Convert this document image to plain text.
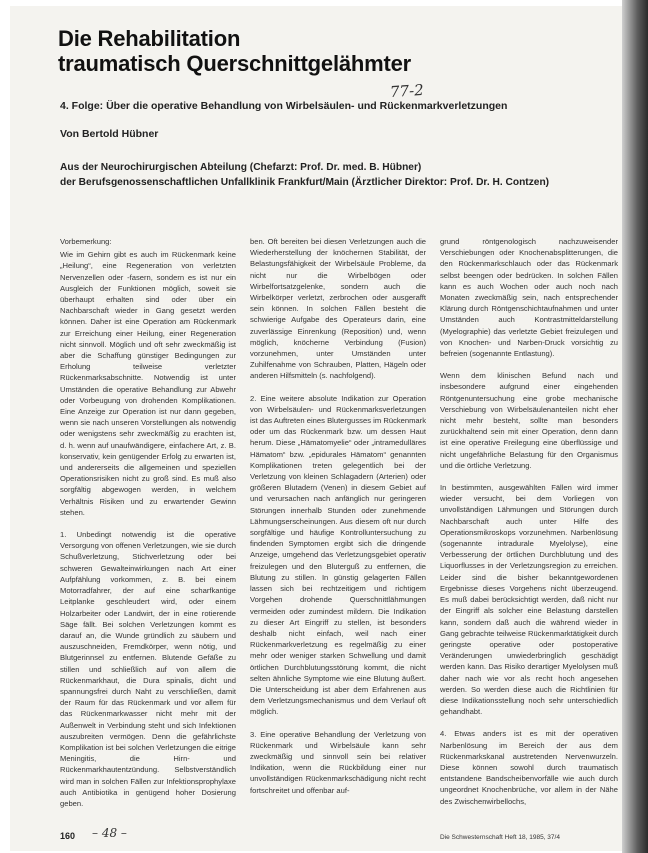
Die Rehabilitation
traumatisch Querschnittgelähmter
77-2
4. Folge: Über die operative Behandlung von Wirbelsäulen- und Rückenmarkverletzungen
Von Bertold Hübner
Aus der Neurochirurgischen Abteilung (Chefarzt: Prof. Dr. med. B. Hübner)
der Berufsgenossenschaftlichen Unfallklinik Frankfurt/Main (Ärztlicher Direktor: Prof. Dr. H. Contzen)

Vorbemerkung:

Wie im Gehirn gibt es auch im Rückenmark keine „Heilung“, eine Regeneration von verletzten Nervenzellen oder -fasern, sondern es ist nur ein Ausgleich der Funktionen möglich, soweit sie überhaupt erhalten sind oder über ein Nachbarschaft wieder in Gang gesetzt werden können. Daher ist eine Operation am Rückenmark zur Erreichung einer Heilung, einer Regeneration nicht sinnvoll. Möglich und oft sehr zweckmäßig ist aber die Schaffung günstiger Bedingungen zur Erholung teilweise verletzter Rückenmarksabschnitte. Notwendig ist unter Umständen die operative Behandlung zur Abwehr oder Vorbeugung von drohenden Komplikationen. Eine Anzeige zur Operation ist nur dann gegeben, wenn sie nach unseren Vorstellungen als notwendig oder wenigstens sehr zweckmäßig zu erachten ist, d. h. wenn auf unaufwändigere, einfachere Art, z. B. konservativ, kein genügender Erfolg zu erwarten ist, und andererseits die allgemeinen und speziellen Operationsrisiken nicht zu groß sind. Es muß also sorgfältig abgewogen werden, in welchem Verhältnis Risiken und zu erwartender Gewinn stehen.

1. Unbedingt notwendig ist die operative Versorgung von offenen Verletzungen, wie sie durch Schußverletzung, Stichverletzung oder bei schweren Gewalteinwirkungen nach Art einer Aufpfählung vorkommen, z. B. bei einem Motorradfahrer, der auf eine scharfkantige Leitplanke geschleudert wird, oder einem Holzarbeiter oder Landwirt, der in eine rotierende Säge fällt. Bei solchen Verletzungen kommt es darauf an, die Wunde gründlich zu säubern und auszuschneiden, Fremdkörper, wenn nötig, und Blutgerinnsel zu entfernen. Blutende Gefäße zu stillen und schließlich auf von allem die Rückenmarkhaut, die Dura spinalis, dicht und spannungsfrei durch Naht zu verschließen, damit der Raum für das Rückenmark und vor allem für das Rückenmarkwasser nicht mehr mit der Außenwelt in Verbindung steht und sich Infektionen auszubreiten vermögen. Denn die gefährlichste Komplikation ist bei solchen Verletzungen die eitrige Meningitis, die Hirn- und Rückenmarkhautentzündung. Selbstverständlich wird man in solchen Fällen zur Infektionsprophylaxe auch Antibiotika in genügend hoher Dosierung geben.

ben. Oft bereiten bei diesen Verletzungen auch die Wiederherstellung der knöchernen Stabilität, der Belastungsfähigkeit der Wirbelsäule Probleme, da nicht nur die Wirbelbögen oder Wirbelfortsatzgelenke, sondern auch die Wirbelkörper verletzt, zerbrochen oder ausgerafft sein können. In solchen Fällen besteht die schwierige Aufgabe des Operateurs darin, eine zuverlässige Einrenkung (Reposition) und, wenn möglich, knöcherne Verbindung (Fusion) vorzunehmen, unter Umständen unter Zuhilfenahme von Schrauben, Platten, Hägeln oder anderen Hilfsmitteln (s. nachfolgend).

2. Eine weitere absolute Indikation zur Operation von Wirbelsäulen- und Rückenmarksverletzungen ist das Auftreten eines Blutergusses im Rückenmark oder um das Rückenmark bzw. um dessen Haut herum. Diese „Hämatomyelie“ oder „intramedulläres Hämatom“ bzw. „epidurales Hämatom“ genannten Komplikationen treten gelegentlich bei der Verletzung von kleinen Schlagadern (Arterien) oder größeren Blutadern (Venen) in diesem Gebiet auf und verursachen nach anfänglich nur geringeren Störungen innerhalb Stunden oder zunehmende Lähmungserscheinungen. Aus diesem oft nur durch sorgfältige und häufige Kontrolluntersuchung zu findenden Symptomen ergibt sich die dringende Anzeige, umgehend das Verletzungsgebiet operativ freizulegen und den Bluterguß zu entfernen, die Blutung zu stillen. In günstig gelagerten Fällen lassen sich bei rechtzeitigem und richtigem Vorgehen drohende Querschnittlähmungen vermeiden oder zumindest mildern. Die Indikation zu dieser Art Eingriff zu stellen, ist besonders deshalb nicht einfach, weil nach einer Rückenmarkverletzung es regelmäßig zu einer mehr oder weniger starken Schwellung und damit örtlichen Durchblutungsstörung kommt, die nicht selten ähnliche Symptome wie eine Blutung äußert. Die Unterscheidung ist aber dem Erfahrenen aus dem Verletzungsmechanismus und dem Verlauf oft möglich.

3. Eine operative Behandlung der Verletzung von Rückenmark und Wirbelsäule kann sehr zweckmäßig und sinnvoll sein bei relativer Indikation, wenn die Rückbildung einer nur unvollständigen Rückenmarkschädigung nicht recht fortschreitet und offenbar auf-

grund röntgenologisch nachzuweisender Verschiebungen oder Knochenabsplitterungen, die den Rückenmarkschlauch oder das Rückenmark selbst beengen oder bedrücken. In solchen Fällen kann es auch Wochen oder auch noch nach Monaten zweckmäßig sein, nach entsprechender Klärung durch Röntgenschichtaufnahmen und unter Umständen auch Kontrastmitteldarstellung (Myelographie) das verletzte Gebiet freizulegen und von Knochen- und Narben-Druck vorsichtig zu befreien (sogenannte Entlastung).

Wenn dem klinischen Befund nach und insbesondere aufgrund einer eingehenden Röntgenuntersuchung eine grobe mechanische Verschiebung von Wirbelsäulenanteilen nicht eher nicht mehr besteht, sollte man besonders zurückhaltend sein mit einer Operation, denn dann ist eine operative Freilegung eine überflüssige und nicht ungefährliche Belastung für den Organismus und die örtliche Verletzung.

In bestimmten, ausgewählten Fällen wird immer wieder versucht, bei dem Vorliegen von unvollständigen Lähmungen und Störungen durch Nachbarschaft auch unter Hilfe des Operationsmikroskops vorzunehmen. Narbenlösung (sogenannte intradurale Myelolyse), eine Verbesserung der örtlichen Durchblutung und des Liquorflusses in der Verletzungsregion zu erreichen. Leider sind die bisher bekanntgewordenen Ergebnisse dieses Vorgehens nicht überzeugend. Es muß dabei berücksichtigt werden, daß nicht nur der Eingriff als solcher eine Belastung darstellen kann, sondern daß auch die während wieder in Gang gebrachte teilweise Rückenmarktätigkeit durch geringste operative oder postoperative Veränderungen unwiederbringlich geschädigt werden kann. Das Risiko derartiger Myelolysen muß daher nach wie vor als recht hoch angesehen werden. So werden diese auch die Richtlinien für diese Indikationsstellung noch sehr unterschiedlich gehandhabt.

4. Etwas anders ist es mit der operativen Narbenlösung im Bereich der aus dem Rückenmarkskanal austretenden Nervenwurzeln. Diese können sowohl durch traumatisch entstandene Bandscheibenvorfälle wie auch durch ungeordnet Knochenbrüche, vor allem in der Nähe des Zwischenwirbellochs,

160 – 48 –	Die Schwesternschaft Heft 18, 1985, 37/4
